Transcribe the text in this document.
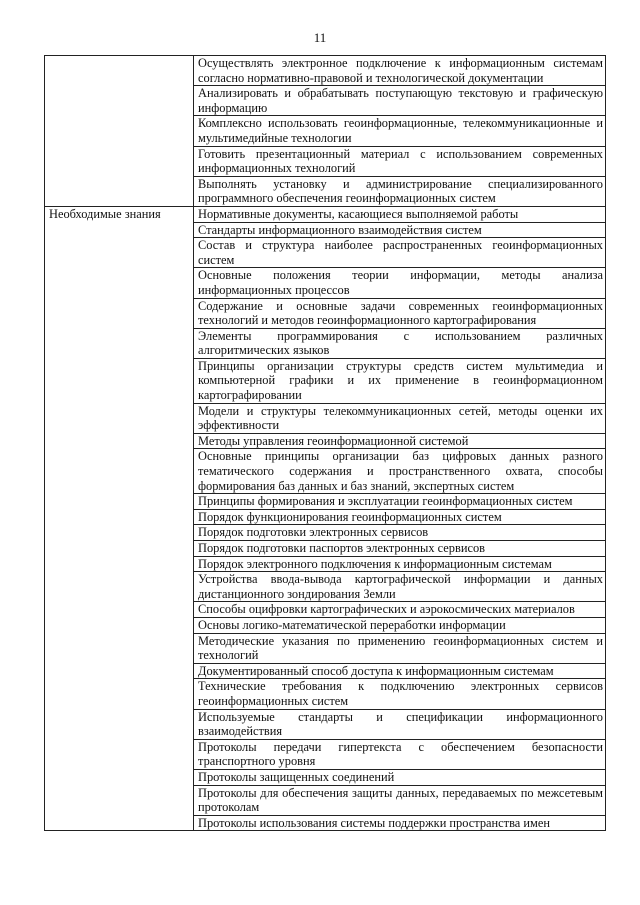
11
	Осуществлять электронное подключение к информационным системам согласно нормативно-правовой и технологической документации
	Анализировать и обрабатывать поступающую текстовую и графическую информацию
	Комплексно использовать геоинформационные, телекоммуникационные и мультимедийные технологии
	Готовить презентационный материал с использованием современных информационных технологий
	Выполнять установку и администрирование специализированного программного обеспечения геоинформационных систем
Необходимые знания	Нормативные документы, касающиеся выполняемой работы
	Стандарты информационного взаимодействия систем
	Состав и структура наиболее распространенных геоинформационных систем
	Основные положения теории информации, методы анализа информационных процессов
	Содержание и основные задачи современных геоинформационных технологий и методов геоинформационного картографирования
	Элементы программирования с использованием различных алгоритмических языков
	Принципы организации структуры средств систем мультимедиа и компьютерной графики и их применение в геоинформационном картографировании
	Модели и структуры телекоммуникационных сетей, методы оценки их эффективности
	Методы управления геоинформационной системой
	Основные принципы организации баз цифровых данных разного тематического содержания и пространственного охвата, способы формирования баз данных и баз знаний, экспертных систем
	Принципы формирования и эксплуатации геоинформационных систем
	Порядок функционирования геоинформационных систем
	Порядок подготовки электронных сервисов
	Порядок подготовки паспортов электронных сервисов
	Порядок электронного подключения к информационным системам
	Устройства ввода-вывода картографической информации и данных дистанционного зондирования Земли
	Способы оцифровки картографических и аэрокосмических материалов
	Основы логико-математической переработки информации
	Методические указания по применению геоинформационных систем и технологий
	Документированный способ доступа к информационным системам
	Технические требования к подключению электронных сервисов геоинформационных систем
	Используемые стандарты и спецификации информационного взаимодействия
	Протоколы передачи гипертекста с обеспечением безопасности транспортного уровня
	Протоколы защищенных соединений
	Протоколы для обеспечения защиты данных, передаваемых по межсетевым протоколам
	Протоколы использования системы поддержки пространства имен
